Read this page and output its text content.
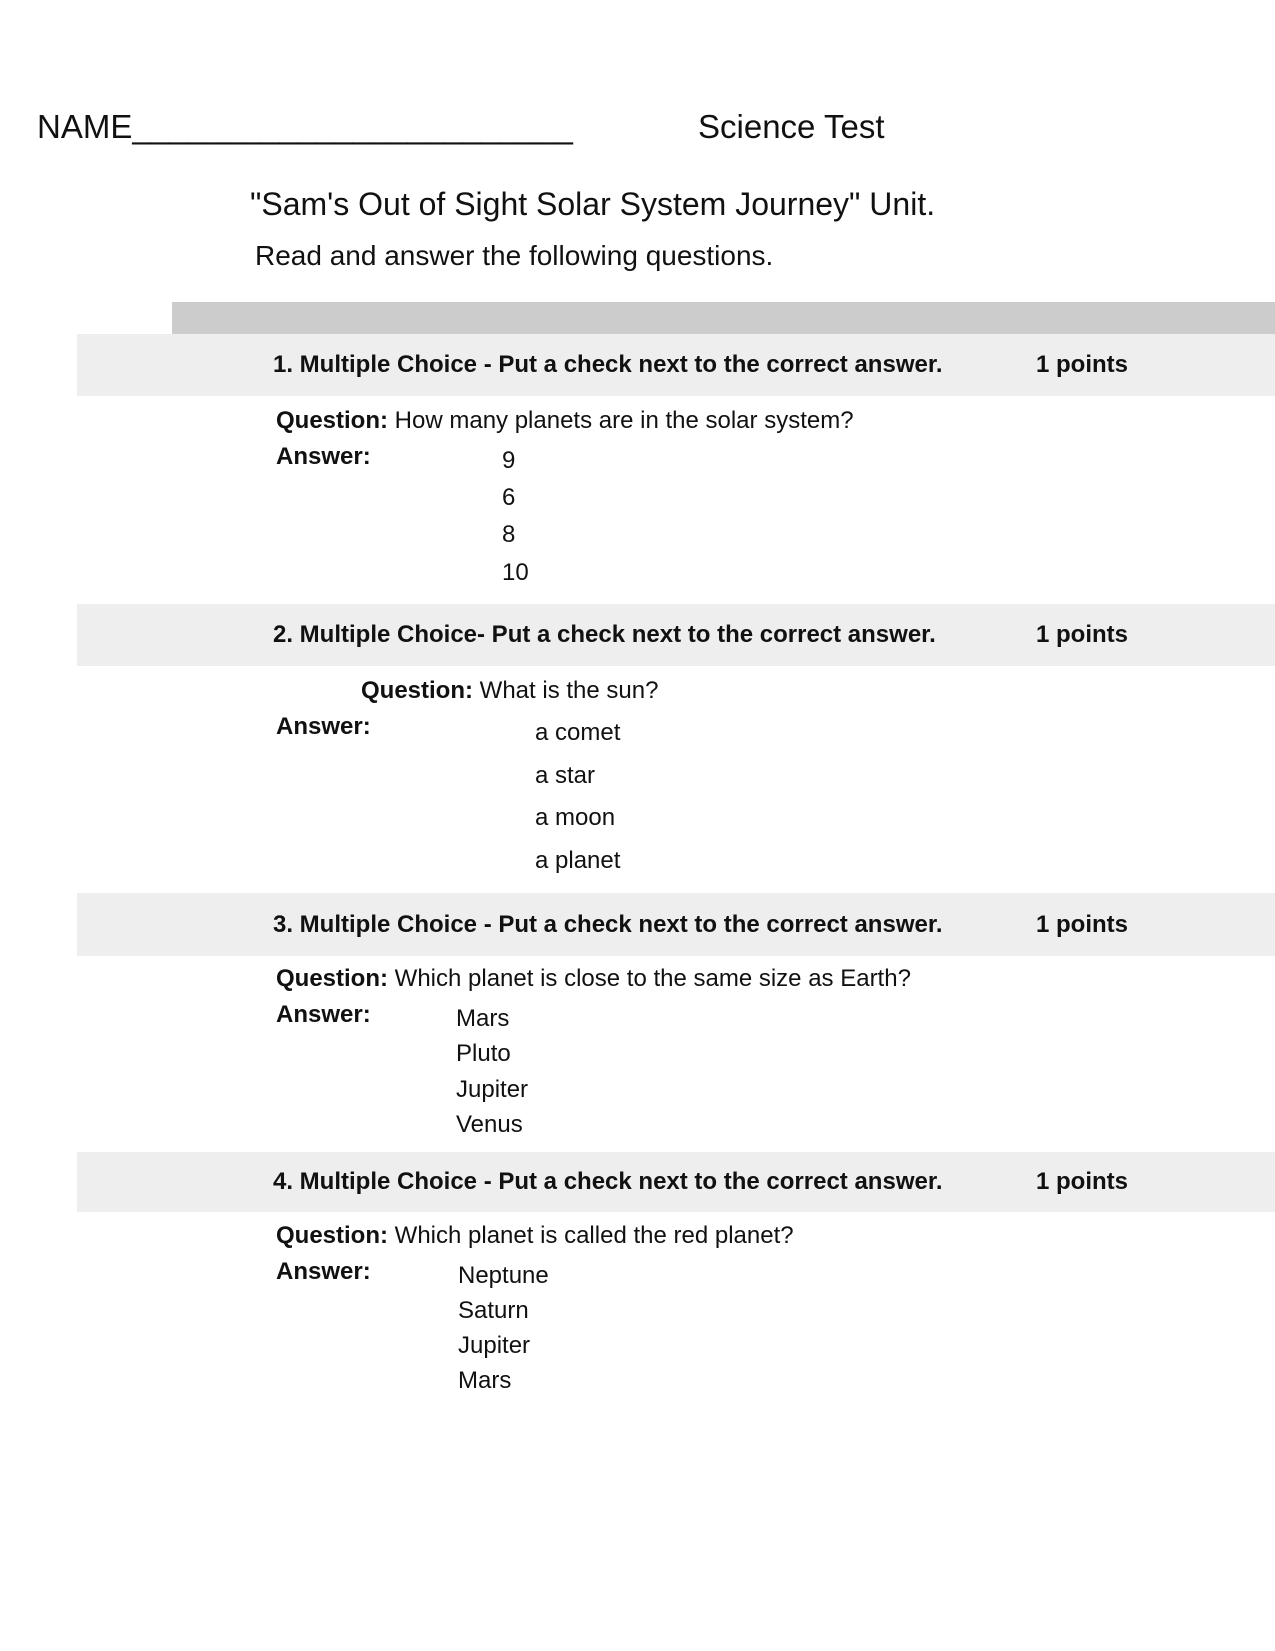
NAME________________________	Science Test
"Sam's Out of Sight Solar System Journey" Unit.
Read and answer the following questions.
1. Multiple Choice - Put a check next to the correct answer.	1 points
Question: How many planets are in the solar system?
Answer:	9
6
8
10
2. Multiple Choice- Put a check next to the correct answer.	1 points
Question: What is the sun?
Answer:	a comet
a star
a moon
a planet
3. Multiple Choice - Put a check next to the correct answer.	1 points
Question: Which planet is close to the same size as Earth?
Answer:	Mars
Pluto
Jupiter
Venus
4. Multiple Choice - Put a check next to the correct answer.	1 points
Question: Which planet is called the red planet?
Answer:	Neptune
Saturn
Jupiter
Mars
